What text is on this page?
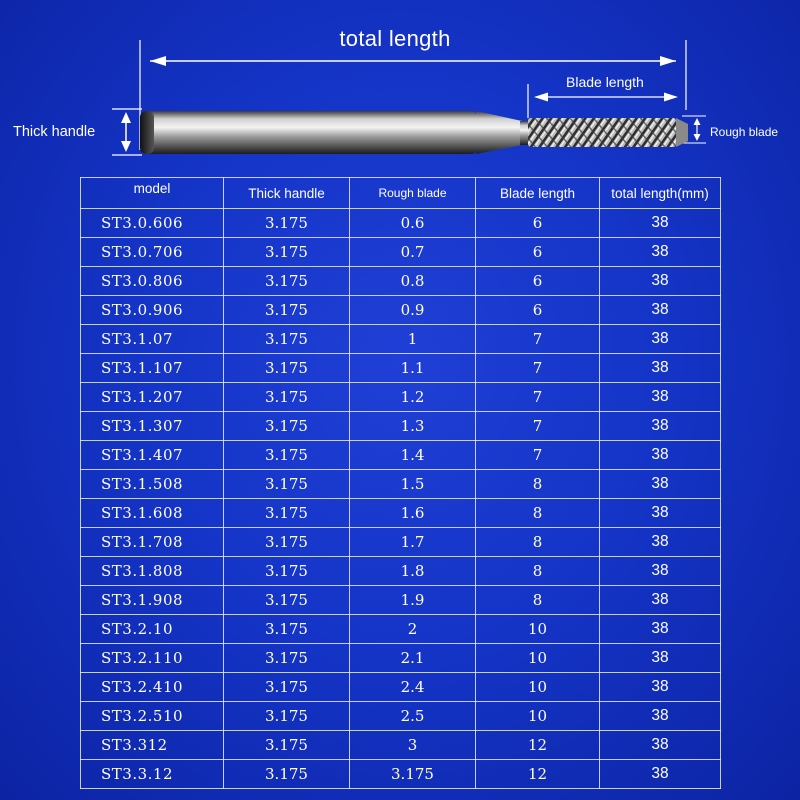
total length
Blade length
Thick handle	Rough blade
model	Thick handle	Rough blade	Blade length	total length(mm)
ST3.0.606	3.175	0.6	6	38
ST3.0.706	3.175	0.7	6	38
ST3.0.806	3.175	0.8	6	38
ST3.0.906	3.175	0.9	6	38
ST3.1.07	3.175	1	7	38
ST3.1.107	3.175	1.1	7	38
ST3.1.207	3.175	1.2	7	38
ST3.1.307	3.175	1.3	7	38
ST3.1.407	3.175	1.4	7	38
ST3.1.508	3.175	1.5	8	38
ST3.1.608	3.175	1.6	8	38
ST3.1.708	3.175	1.7	8	38
ST3.1.808	3.175	1.8	8	38
ST3.1.908	3.175	1.9	8	38
ST3.2.10	3.175	2	10	38
ST3.2.110	3.175	2.1	10	38
ST3.2.410	3.175	2.4	10	38
ST3.2.510	3.175	2.5	10	38
ST3.312	3.175	3	12	38
ST3.3.12	3.175	3.175	12	38
